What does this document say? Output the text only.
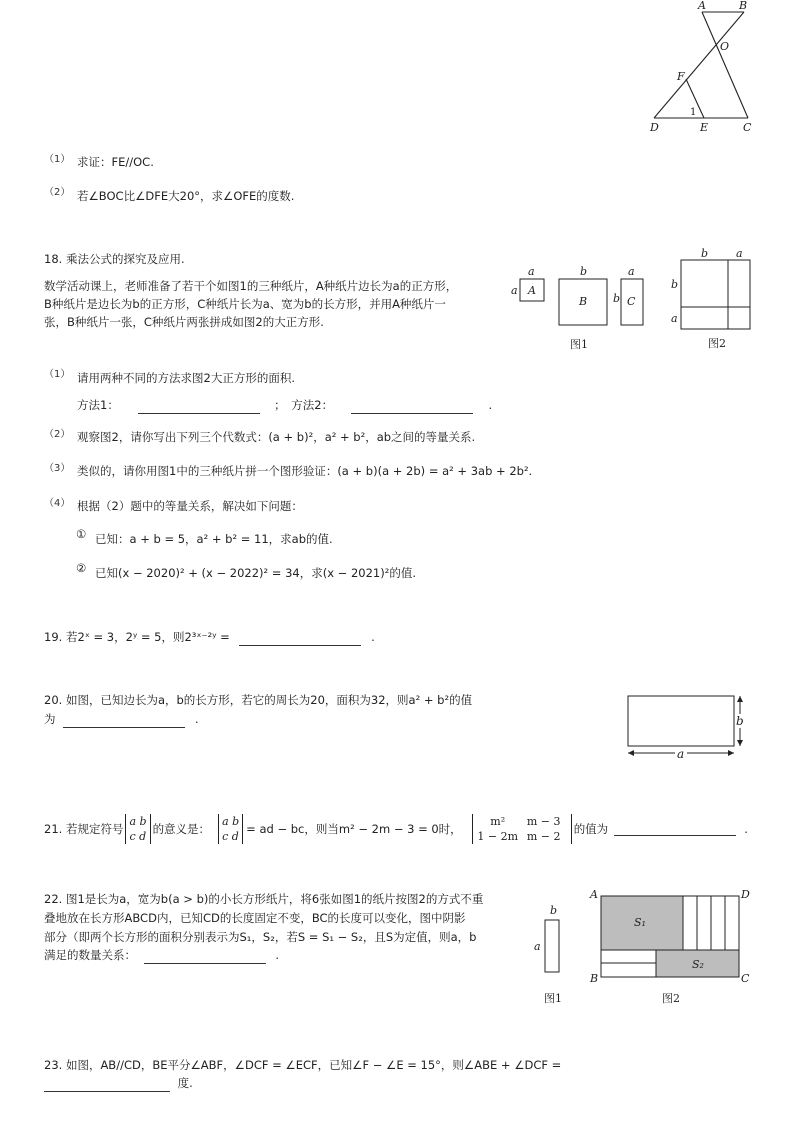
A	B
O
F
1
D	E	C
（1） 求证：FE//OC.
（2） 若∠BOC比∠DFE大20°，求∠OFE的度数.
18. 乘法公式的探究及应用.
数学活动课上，老师准备了若干个如图1的三种纸片，A种纸片边长为a的正方形，
B种纸片是边长为b的正方形，C种纸片长为a、宽为b的长方形，并用A种纸片一
张，B种纸片一张，C种纸片两张拼成如图2的大正方形.
a
a A
b
b
B
a
C
图1
b	a
b
a
图2
（1） 请用两种不同的方法求图2大正方形的面积.
方法1：	； 方法2：	.
（2） 观察图2，请你写出下列三个代数式：(a + b)²，a² + b²，ab之间的等量关系.
（3） 类似的，请你用图1中的三种纸片拼一个图形验证：(a + b)(a + 2b) = a² + 3ab + 2b².
（4） 根据（2）题中的等量关系，解决如下问题：
① 已知：a + b = 5，a² + b² = 11，求ab的值.
② 已知(x − 2020)² + (x − 2022)² = 34，求(x − 2021)²的值.
19. 若2ˣ = 3，2ʸ = 5，则2³ˣ⁻²ʸ =	.
20. 如图，已知边长为a，b的长方形，若它的周长为20，面积为32，则a² + b²的值
为	.	b
a
21. 若规定符号
a b
c d
的意义是：
a b
c d
= ad − bc，则当m² − 2m − 3 = 0时，
m² m − 3
1 − 2m m − 2
的值为	.
22. 图1是长为a，宽为b(a > b)的小长方形纸片，将6张如图1的纸片按图2的方式不重
叠地放在长方形ABCD内，已知CD的长度固定不变，BC的长度可以变化，图中阴影
部分（即两个长方形的面积分别表示为S₁，S₂，若S = S₁ − S₂，且S为定值，则a，b
满足的数量关系：	.
b
a
图1
A	D
B	C
S₁
S₂
图2
23. 如图，AB//CD，BE平分∠ABF，∠DCF = ∠ECF，已知∠F − ∠E = 15°，则∠ABE + ∠DCF =
度.
